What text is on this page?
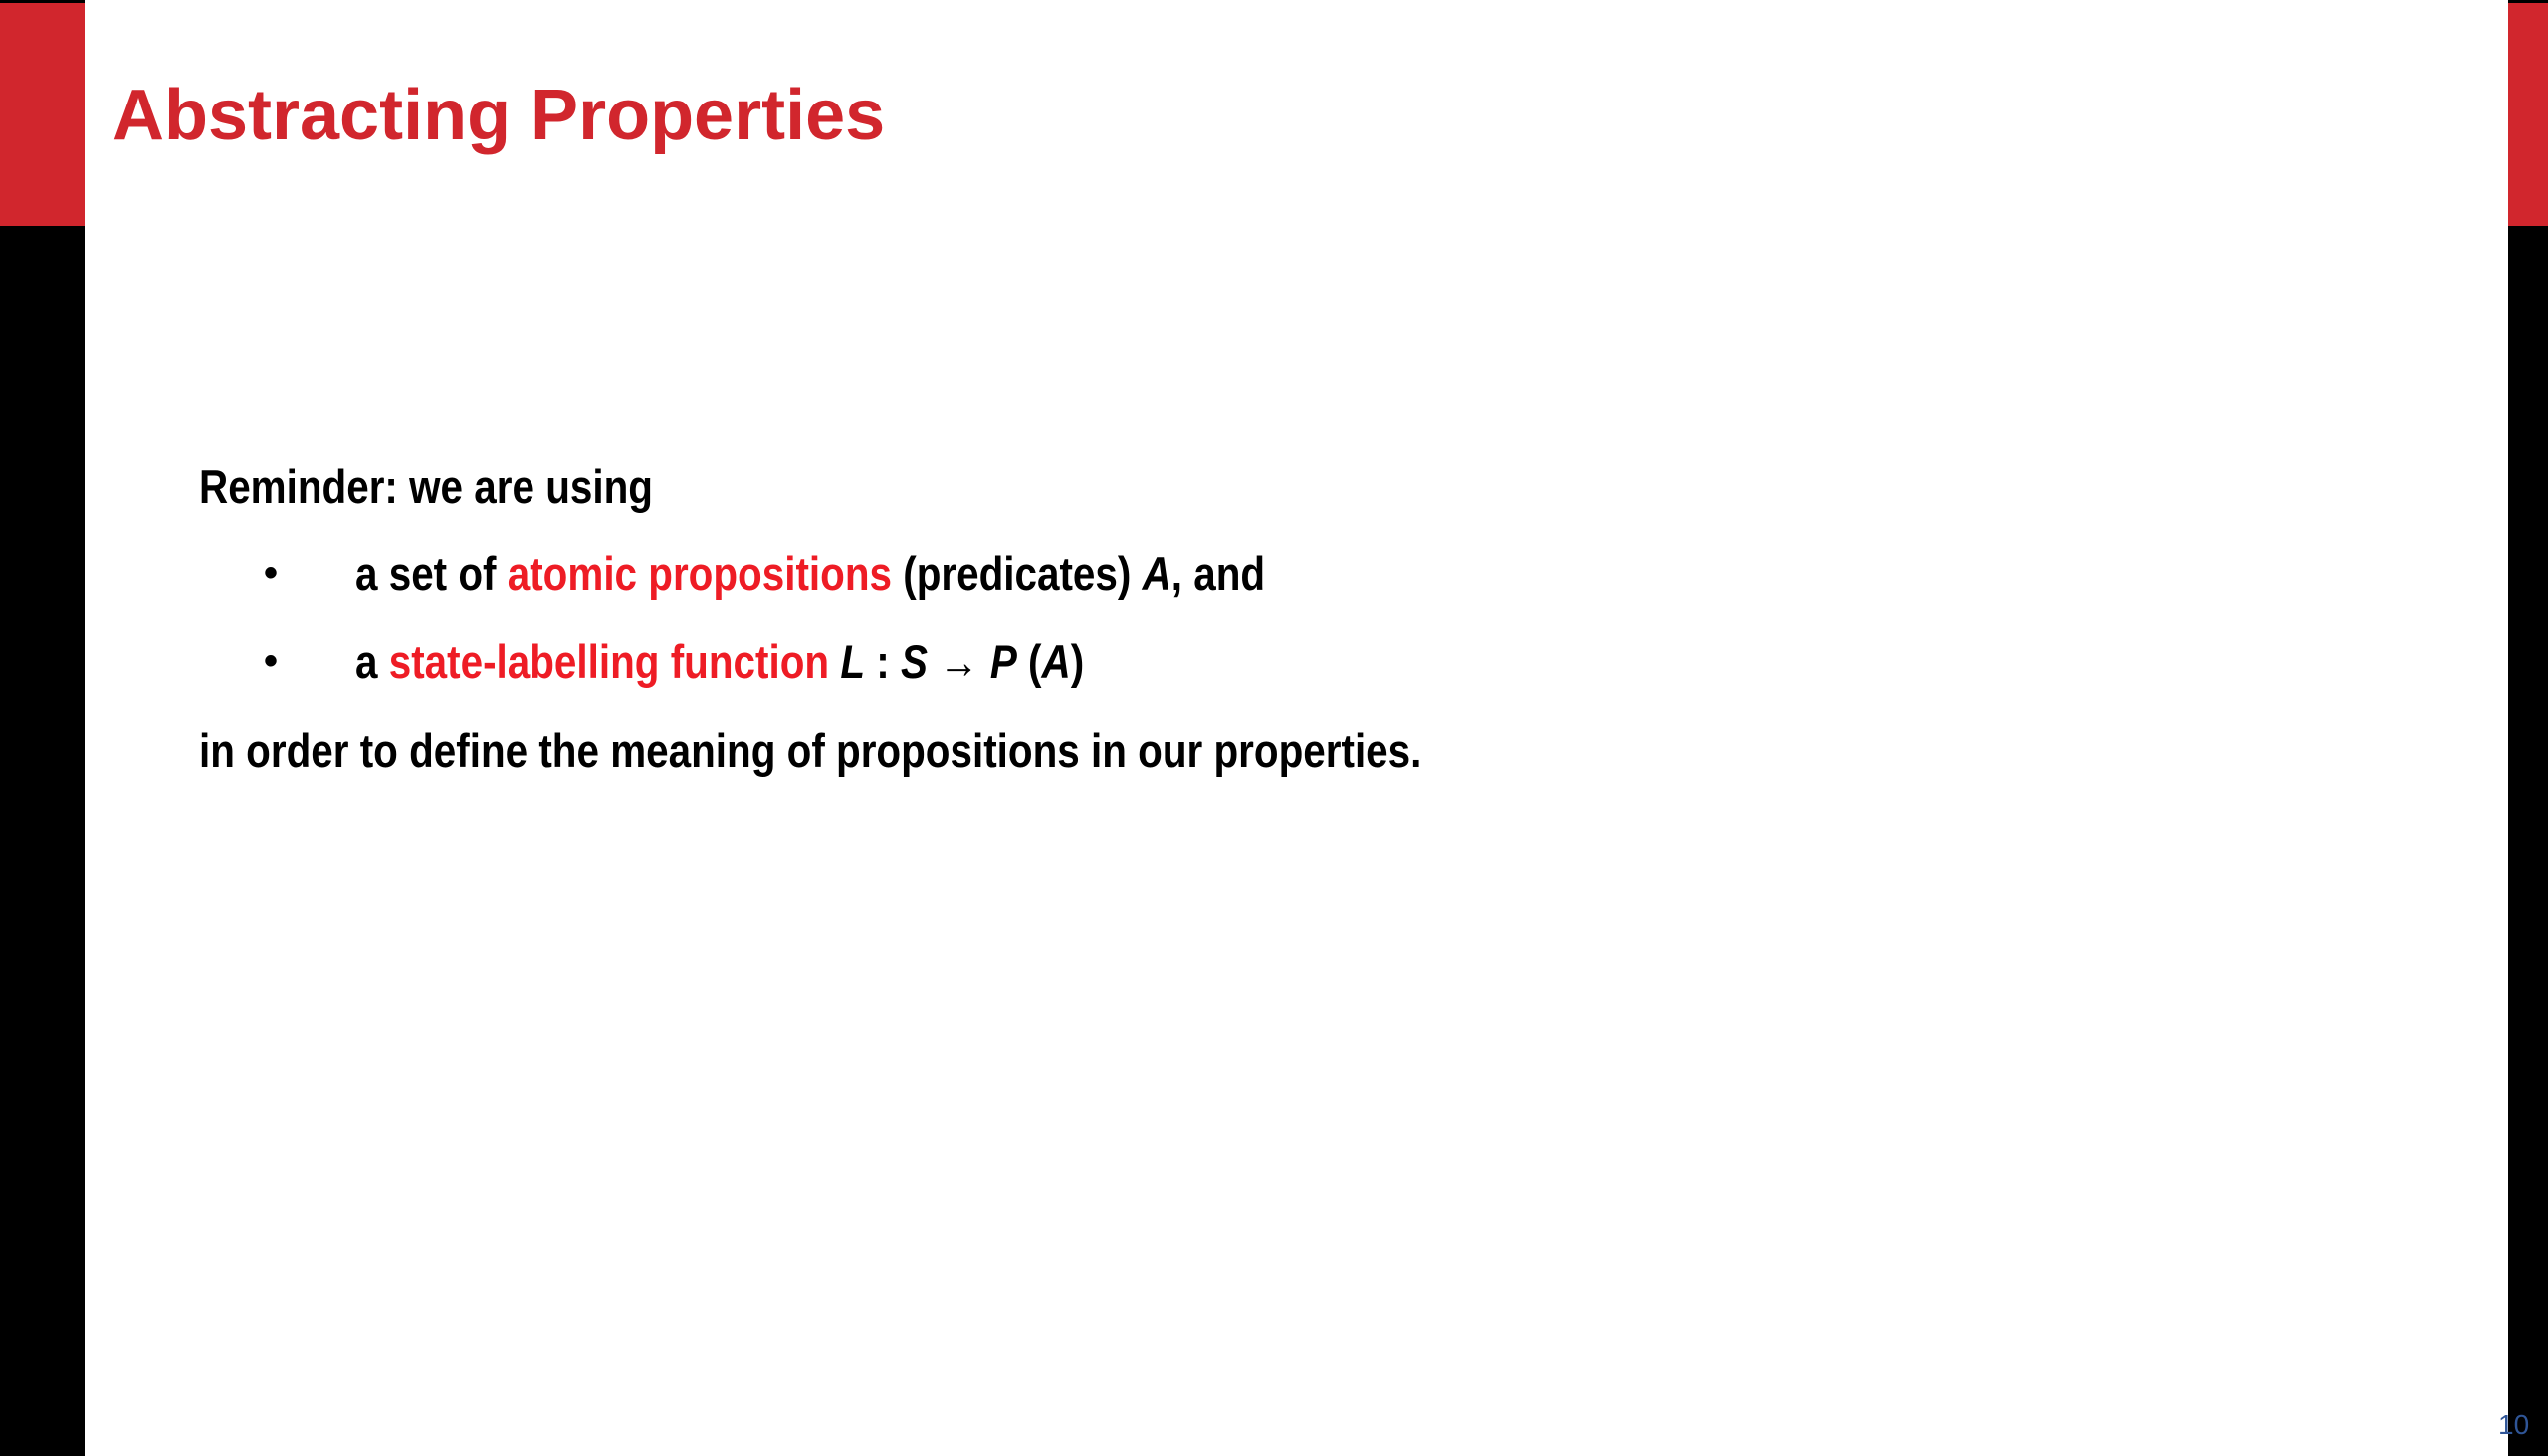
Abstracting Properties
Reminder: we are using
• a set of atomic propositions (predicates) A, and
• a state-labelling function L : S → P (A)
in order to define the meaning of propositions in our properties.
10
